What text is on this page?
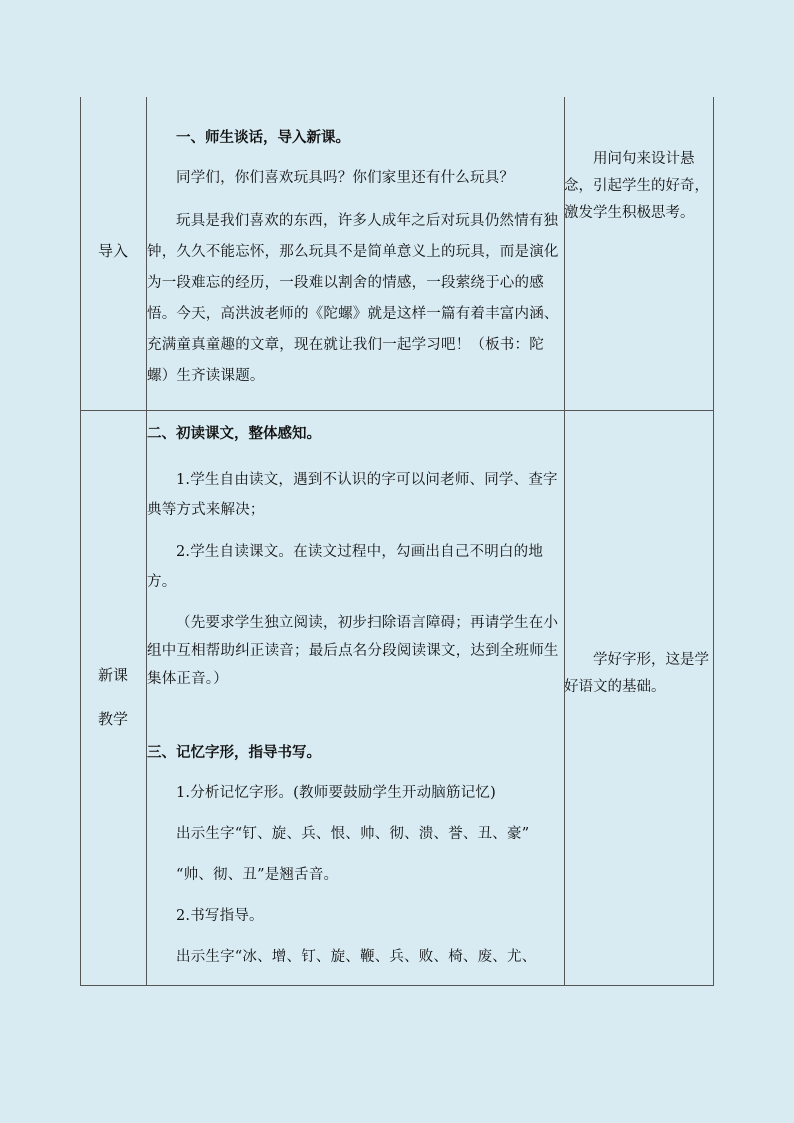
导入

一、师生谈话，导入新课。

同学们，你们喜欢玩具吗？你们家里还有什么玩具？

玩具是我们喜欢的东西，许多人成年之后对玩具仍然情有独钟，久久不能忘怀，那么玩具不是简单意义上的玩具，而是演化为一段难忘的经历，一段难以割舍的情感，一段萦绕于心的感悟。今天，高洪波老师的《陀螺》就是这样一篇有着丰富内涵、充满童真童趣的文章，现在就让我们一起学习吧！（板书：陀螺）生齐读课题。

用问句来设计悬念，引起学生的好奇，激发学生积极思考。
新课
教学

二、初读课文，整体感知。

1.学生自由读文，遇到不认识的字可以问老师、同学、查字典等方式来解决；

2.学生自读课文。在读文过程中，勾画出自己不明白的地方。

（先要求学生独立阅读，初步扫除语言障碍；再请学生在小组中互相帮助纠正读音；最后点名分段阅读课文，达到全班师生集体正音。）

三、记忆字形，指导书写。

1.分析记忆字形。(教师要鼓励学生开动脑筋记忆)

出示生字“钉、旋、兵、恨、帅、彻、溃、誉、丑、豪”

“帅、彻、丑”是翘舌音。

2.书写指导。

出示生字“冰、增、钉、旋、鞭、兵、败、椅、废、尤、

学好字形，这是学好语文的基础。
